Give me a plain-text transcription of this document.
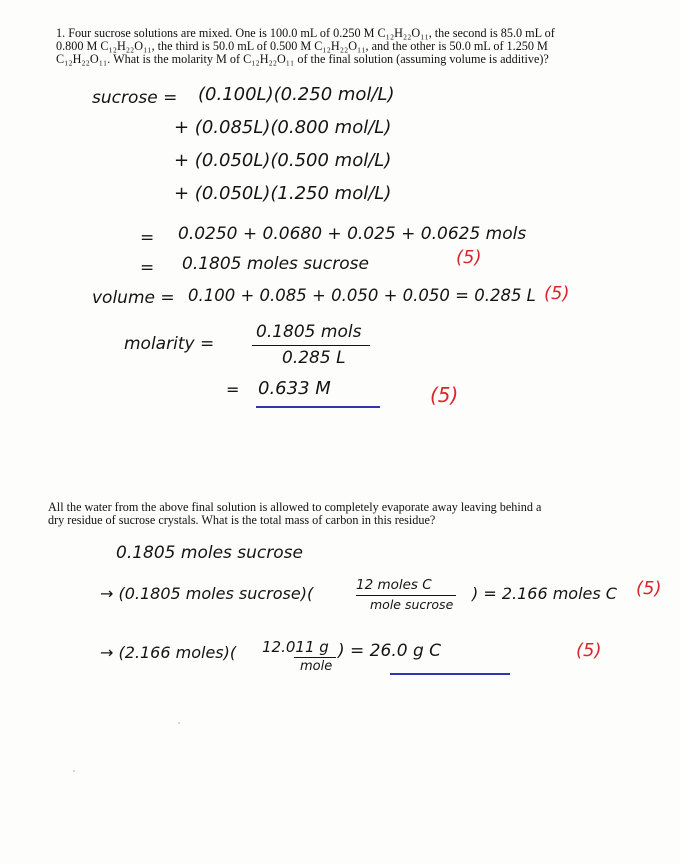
1. Four sucrose solutions are mixed. One is 100.0 mL of 0.250 M C₁₂H₂₂O₁₁, the second is 85.0 mL of
0.800 M C₁₂H₂₂O₁₁, the third is 50.0 mL of 0.500 M C₁₂H₂₂O₁₁, and the other is 50.0 mL of 1.250 M
C₁₂H₂₂O₁₁. What is the molarity M of C₁₂H₂₂O₁₁ of the final solution (assuming volume is additive)?
sucrose = (0.100L)(0.250 mol/L)
+ (0.085L)(0.800 mol/L)
+ (0.050L)(0.500 mol/L)
+ (0.050L)(1.250 mol/L)
= 0.0250 + 0.0680 + 0.025 + 0.0625 mols
= 0.1805 moles sucrose	(5)
volume = 0.100 + 0.085 + 0.050 + 0.050 = 0.285 L (5)
molarity =
0.1805 mols
0.285 L
= 0.633 M	(5)
All the water from the above final solution is allowed to completely evaporate away leaving behind a
dry residue of sucrose crystals. What is the total mass of carbon in this residue?
0.1805 moles sucrose
→ (0.1805 moles sucrose)(	12 moles C
mole sucrose
) = 2.166 moles C (5)
→ (2.166 moles)( 12.011 g
mole
) = 26.0 g C	(5)
